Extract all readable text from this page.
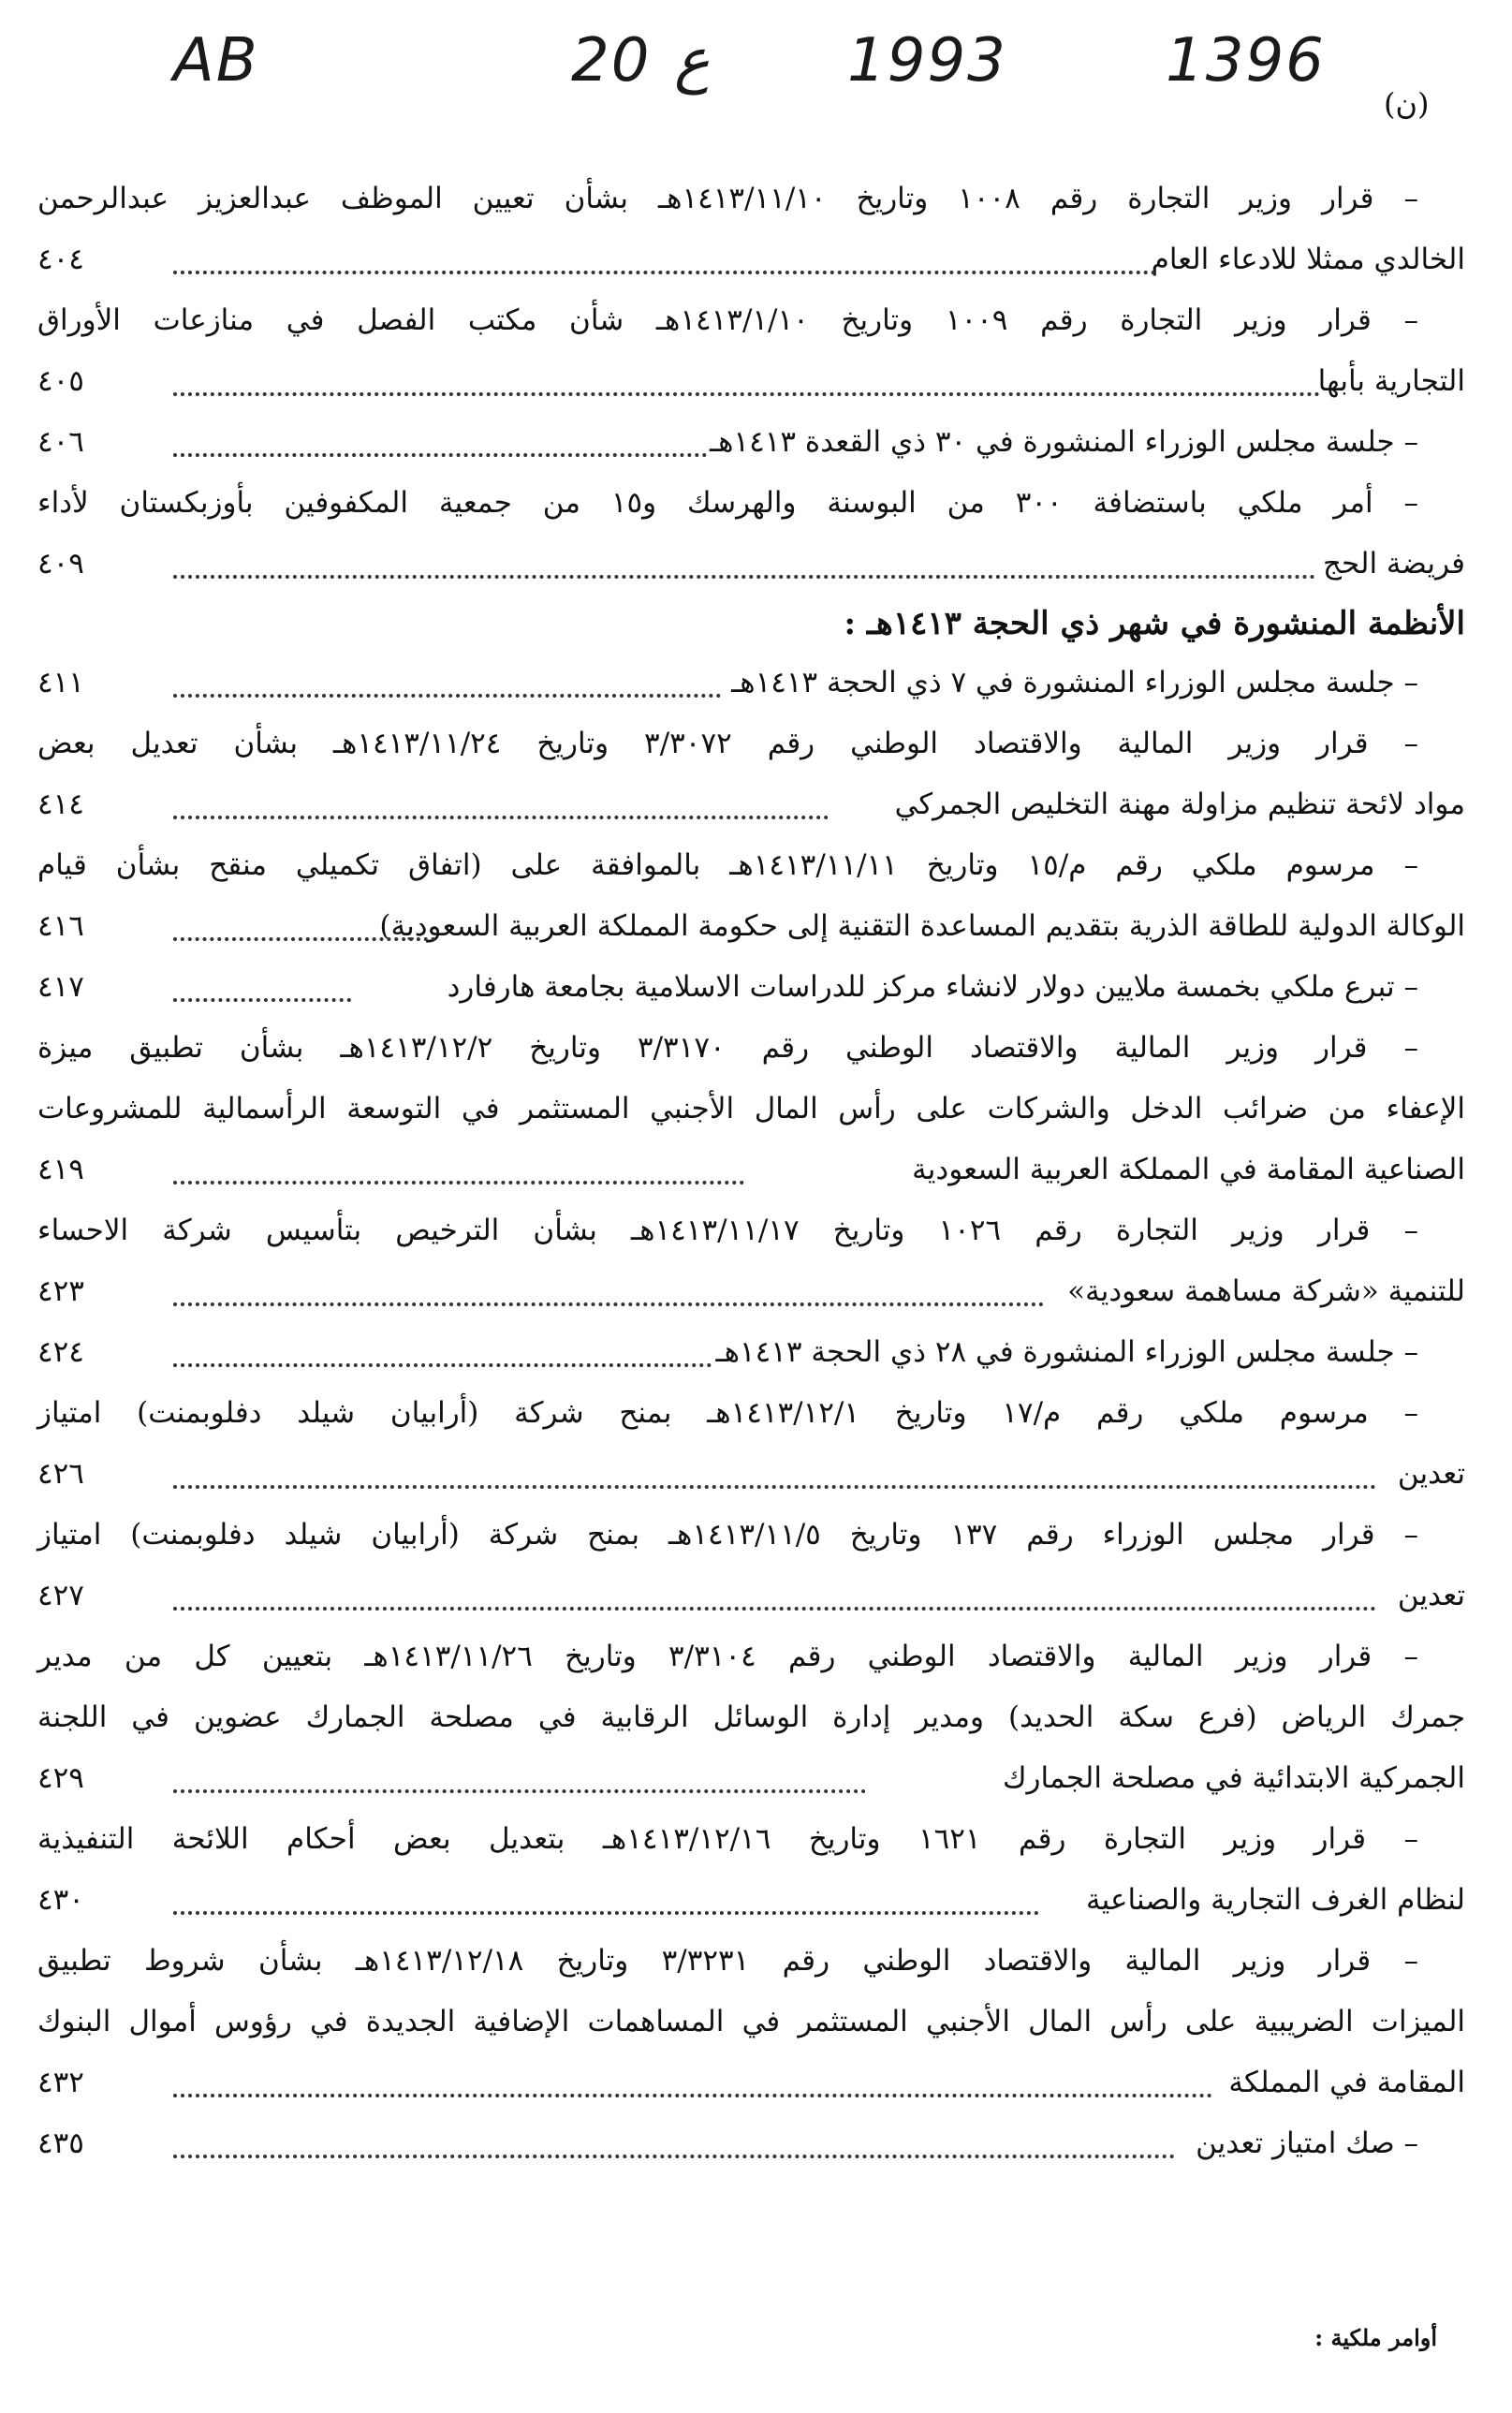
AB	20 ع 1993	1396
(ن)
– قرار وزير التجارة رقم ١٠٠٨ وتاريخ ١٤١٣/١١/١٠هـ بشأن تعيين الموظف عبدالعزيز عبدالرحمن
الخالدي ممثلا للادعاء العام
٤٠٤
– قرار وزير التجارة رقم ١٠٠٩ وتاريخ ١٤١٣/١/١٠هـ شأن مكتب الفصل في منازعات الأوراق
التجارية بأبها
٤٠٥
– جلسة مجلس الوزراء المنشورة في ٣٠ ذي القعدة ١٤١٣هـ
٤٠٦
– أمر ملكي باستضافة ٣٠٠ من البوسنة والهرسك و١٥ من جمعية المكفوفين بأوزبكستان لأداء
فريضة الحج
٤٠٩
الأنظمة المنشورة في شهر ذي الحجة ١٤١٣هـ :
– جلسة مجلس الوزراء المنشورة في ٧ ذي الحجة ١٤١٣هـ
٤١١
– قرار وزير المالية والاقتصاد الوطني رقم ٣/٣٠٧٢ وتاريخ ١٤١٣/١١/٢٤هـ بشأن تعديل بعض
مواد لائحة تنظيم مزاولة مهنة التخليص الجمركي
٤١٤
– مرسوم ملكي رقم م/١٥ وتاريخ ١٤١٣/١١/١١هـ بالموافقة على (اتفاق تكميلي منقح بشأن قيام
الوكالة الدولية للطاقة الذرية بتقديم المساعدة التقنية إلى حكومة المملكة العربية السعودية)
٤١٦
– تبرع ملكي بخمسة ملايين دولار لانشاء مركز للدراسات الاسلامية بجامعة هارفارد
٤١٧
– قرار وزير المالية والاقتصاد الوطني رقم ٣/٣١٧٠ وتاريخ ١٤١٣/١٢/٢هـ بشأن تطبيق ميزة
الإعفاء من ضرائب الدخل والشركات على رأس المال الأجنبي المستثمر في التوسعة الرأسمالية للمشروعات
الصناعية المقامة في المملكة العربية السعودية
٤١٩
– قرار وزير التجارة رقم ١٠٢٦ وتاريخ ١٤١٣/١١/١٧هـ بشأن الترخيص بتأسيس شركة الاحساء
للتنمية «شركة مساهمة سعودية»
٤٢٣
– جلسة مجلس الوزراء المنشورة في ٢٨ ذي الحجة ١٤١٣هـ
٤٢٤
– مرسوم ملكي رقم م/١٧ وتاريخ ١٤١٣/١٢/١هـ بمنح شركة (أرابيان شيلد دفلوبمنت) امتياز
تعدين
٤٢٦
– قرار مجلس الوزراء رقم ١٣٧ وتاريخ ١٤١٣/١١/٥هـ بمنح شركة (أرابيان شيلد دفلوبمنت) امتياز
تعدين
٤٢٧
– قرار وزير المالية والاقتصاد الوطني رقم ٣/٣١٠٤ وتاريخ ١٤١٣/١١/٢٦هـ بتعيين كل من مدير
جمرك الرياض (فرع سكة الحديد) ومدير إدارة الوسائل الرقابية في مصلحة الجمارك عضوين في اللجنة
الجمركية الابتدائية في مصلحة الجمارك
٤٢٩
– قرار وزير التجارة رقم ١٦٢١ وتاريخ ١٤١٣/١٢/١٦هـ بتعديل بعض أحكام اللائحة التنفيذية
لنظام الغرف التجارية والصناعية
٤٣٠
– قرار وزير المالية والاقتصاد الوطني رقم ٣/٣٢٣١ وتاريخ ١٤١٣/١٢/١٨هـ بشأن شروط تطبيق
الميزات الضريبية على رأس المال الأجنبي المستثمر في المساهمات الإضافية الجديدة في رؤوس أموال البنوك
المقامة في المملكة
٤٣٢
– صك امتياز تعدين
٤٣٥
أوامر ملكية :
